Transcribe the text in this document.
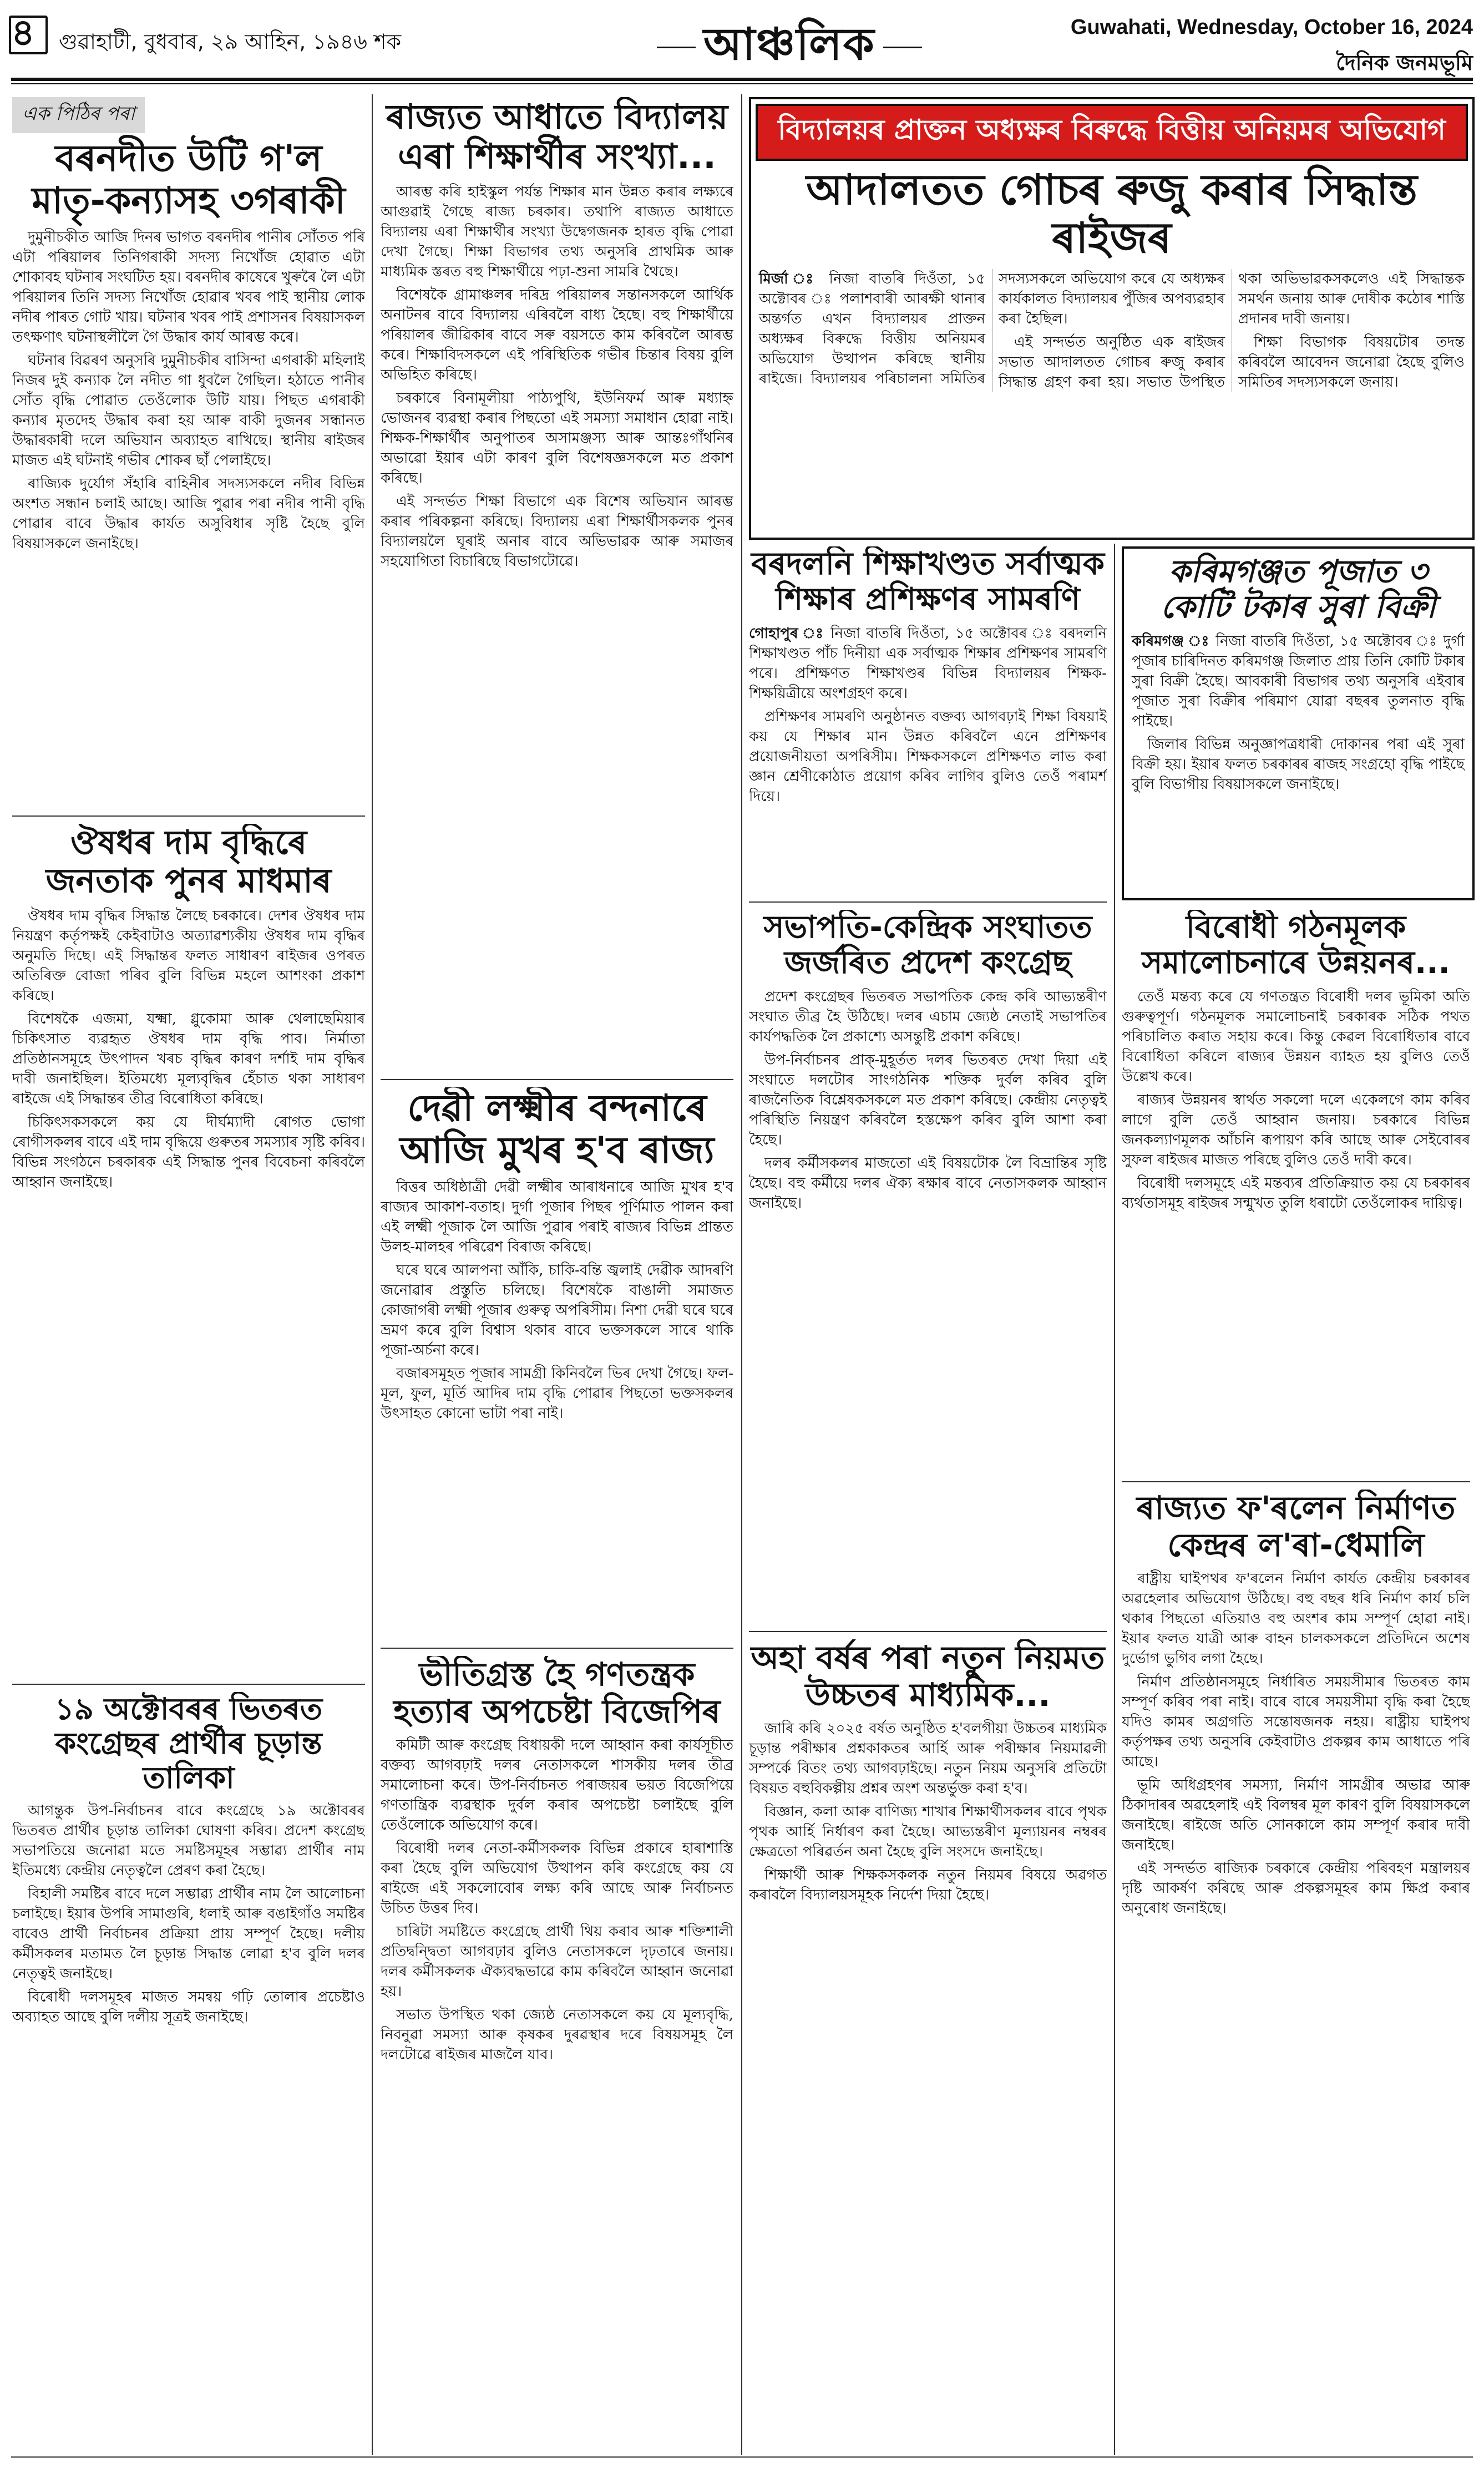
৪ গুৱাহাটী, বুধবাৰ, ২৯ আহিন, ১৯৪৬ শক	আঞ্চলিক	Guwahati, Wednesday, October 16, 2024
দৈনিক জনমভূমি
এক পিঠিৰ পৰা
বৰনদীত উটি গ'ল মাতৃ-কন্যাসহ ৩গৰাকী

দুমুনীচকীত আজি দিনৰ ভাগত বৰনদীৰ পানীৰ সোঁতত পৰি এটা পৰিয়ালৰ তিনিগৰাকী সদস্য নিখোঁজ হোৱাত এটা শোকাবহ ঘটনাৰ সংঘটিত হয়। বৰনদীৰ কাষেৰে খুৰুৰৈ লৈ এটা পৰিয়ালৰ তিনি সদস্য নিখোঁজ হোৱাৰ খবৰ পাই স্থানীয় লোক নদীৰ পাৰত গোট খায়। ঘটনাৰ খবৰ পাই প্ৰশাসনৰ বিষয়াসকল তৎক্ষণাৎ ঘটনাস্থলীলৈ গৈ উদ্ধাৰ কাৰ্য আৰম্ভ কৰে।

ঘটনাৰ বিৱৰণ অনুসৰি দুমুনীচকীৰ বাসিন্দা এগৰাকী মহিলাই নিজৰ দুই কন্যাক লৈ নদীত গা ধুবলৈ গৈছিল। হঠাতে পানীৰ সোঁত বৃদ্ধি পোৱাত তেওঁলোক উটি যায়। পিছত এগৰাকী কন্যাৰ মৃতদেহ উদ্ধাৰ কৰা হয় আৰু বাকী দুজনৰ সন্ধানত উদ্ধাৰকাৰী দলে অভিযান অব্যাহত ৰাখিছে। স্থানীয় ৰাইজৰ মাজত এই ঘটনাই গভীৰ শোকৰ ছাঁ পেলাইছে।

ৰাজ্যিক দুৰ্যোগ সঁহাৰি বাহিনীৰ সদস্যসকলে নদীৰ বিভিন্ন অংশত সন্ধান চলাই আছে। আজি পুৱাৰ পৰা নদীৰ পানী বৃদ্ধি পোৱাৰ বাবে উদ্ধাৰ কাৰ্যত অসুবিধাৰ সৃষ্টি হৈছে বুলি বিষয়াসকলে জনাইছে।

ঔষধৰ দাম বৃদ্ধিৰে জনতাক পুনৰ মাধমাৰ

ঔষধৰ দাম বৃদ্ধিৰ সিদ্ধান্ত লৈছে চৰকাৰে। দেশৰ ঔষধৰ দাম নিয়ন্ত্ৰণ কৰ্তৃপক্ষই কেইবাটাও অত্যাৱশ্যকীয় ঔষধৰ দাম বৃদ্ধিৰ অনুমতি দিছে। এই সিদ্ধান্তৰ ফলত সাধাৰণ ৰাইজৰ ওপৰত অতিৰিক্ত বোজা পৰিব বুলি বিভিন্ন মহলে আশংকা প্ৰকাশ কৰিছে।

বিশেষকৈ এজমা, যক্ষ্মা, গ্লুকোমা আৰু থেলাছেমিয়াৰ চিকিৎসাত ব্যৱহৃত ঔষধৰ দাম বৃদ্ধি পাব। নিৰ্মাতা প্ৰতিষ্ঠানসমূহে উৎপাদন খৰচ বৃদ্ধিৰ কাৰণ দৰ্শাই দাম বৃদ্ধিৰ দাবী জনাইছিল। ইতিমধ্যে মূল্যবৃদ্ধিৰ হেঁচাত থকা সাধাৰণ ৰাইজে এই সিদ্ধান্তৰ তীব্ৰ বিৰোধিতা কৰিছে।

চিকিৎসকসকলে কয় যে দীৰ্ঘম্যাদী ৰোগত ভোগা ৰোগীসকলৰ বাবে এই দাম বৃদ্ধিয়ে গুৰুতৰ সমস্যাৰ সৃষ্টি কৰিব। বিভিন্ন সংগঠনে চৰকাৰক এই সিদ্ধান্ত পুনৰ বিবেচনা কৰিবলৈ আহ্বান জনাইছে।

১৯ অক্টোবৰৰ ভিতৰত কংগ্ৰেছৰ প্ৰাৰ্থীৰ চূড়ান্ত তালিকা

আগন্তুক উপ-নিৰ্বাচনৰ বাবে কংগ্ৰেছে ১৯ অক্টোবৰৰ ভিতৰত প্ৰাৰ্থীৰ চূড়ান্ত তালিকা ঘোষণা কৰিব। প্ৰদেশ কংগ্ৰেছ সভাপতিয়ে জনোৱা মতে সমষ্টিসমূহৰ সম্ভাৱ্য প্ৰাৰ্থীৰ নাম ইতিমধ্যে কেন্দ্ৰীয় নেতৃত্বলৈ প্ৰেৰণ কৰা হৈছে।

বিহালী সমষ্টিৰ বাবে দলে সম্ভাৱ্য প্ৰাৰ্থীৰ নাম লৈ আলোচনা চলাইছে। ইয়াৰ উপৰি সামাগুৰি, ধলাই আৰু বঙাইগাঁও সমষ্টিৰ বাবেও প্ৰাৰ্থী নিৰ্বাচনৰ প্ৰক্ৰিয়া প্ৰায় সম্পূৰ্ণ হৈছে। দলীয় কৰ্মীসকলৰ মতামত লৈ চূড়ান্ত সিদ্ধান্ত লোৱা হ'ব বুলি দলৰ নেতৃত্বই জনাইছে।

বিৰোধী দলসমূহৰ মাজত সমন্বয় গঢ়ি তোলাৰ প্ৰচেষ্টাও অব্যাহত আছে বুলি দলীয় সূত্ৰই জনাইছে।

ৰাজ্যত আধাতে বিদ্যালয় এৰা শিক্ষাৰ্থীৰ সংখ্যা...

আৰম্ভ কৰি হাইস্কুল পৰ্যন্ত শিক্ষাৰ মান উন্নত কৰাৰ লক্ষ্যৰে আগুৱাই গৈছে ৰাজ্য চৰকাৰ। তথাপি ৰাজ্যত আধাতে বিদ্যালয় এৰা শিক্ষাৰ্থীৰ সংখ্যা উদ্বেগজনক হাৰত বৃদ্ধি পোৱা দেখা গৈছে। শিক্ষা বিভাগৰ তথ্য অনুসৰি প্ৰাথমিক আৰু মাধ্যমিক স্তৰত বহু শিক্ষাৰ্থীয়ে পঢ়া-শুনা সামৰি থৈছে।

বিশেষকৈ গ্ৰামাঞ্চলৰ দৰিদ্ৰ পৰিয়ালৰ সন্তানসকলে আৰ্থিক অনাটনৰ বাবে বিদ্যালয় এৰিবলৈ বাধ্য হৈছে। বহু শিক্ষাৰ্থীয়ে পৰিয়ালৰ জীৱিকাৰ বাবে সৰু বয়সতে কাম কৰিবলৈ আৰম্ভ কৰে। শিক্ষাবিদসকলে এই পৰিস্থিতিক গভীৰ চিন্তাৰ বিষয় বুলি অভিহিত কৰিছে।

চৰকাৰে বিনামূলীয়া পাঠ্যপুথি, ইউনিফৰ্ম আৰু মধ্যাহ্ন ভোজনৰ ব্যৱস্থা কৰাৰ পিছতো এই সমস্যা সমাধান হোৱা নাই। শিক্ষক-শিক্ষাৰ্থীৰ অনুপাতৰ অসামঞ্জস্য আৰু আন্তঃগাঁথনিৰ অভাৱো ইয়াৰ এটা কাৰণ বুলি বিশেষজ্ঞসকলে মত প্ৰকাশ কৰিছে।

এই সন্দৰ্ভত শিক্ষা বিভাগে এক বিশেষ অভিযান আৰম্ভ কৰাৰ পৰিকল্পনা কৰিছে। বিদ্যালয় এৰা শিক্ষাৰ্থীসকলক পুনৰ বিদ্যালয়লৈ ঘূৰাই অনাৰ বাবে অভিভাৱক আৰু সমাজৰ সহযোগিতা বিচাৰিছে বিভাগটোৱে।

দেৱী লক্ষ্মীৰ বন্দনাৰে আজি মুখৰ হ'ব ৰাজ্য

বিত্তৰ অধিষ্ঠাত্ৰী দেৱী লক্ষ্মীৰ আৰাধনাৰে আজি মুখৰ হ'ব ৰাজ্যৰ আকাশ-বতাহ। দুৰ্গা পূজাৰ পিছৰ পূৰ্ণিমাত পালন কৰা এই লক্ষ্মী পূজাক লৈ আজি পুৱাৰ পৰাই ৰাজ্যৰ বিভিন্ন প্ৰান্তত উলহ-মালহৰ পৰিৱেশ বিৰাজ কৰিছে।

ঘৰে ঘৰে আলপনা আঁকি, চাকি-বন্তি জ্বলাই দেৱীক আদৰণি জনোৱাৰ প্ৰস্তুতি চলিছে। বিশেষকৈ বাঙালী সমাজত কোজাগৰী লক্ষ্মী পূজাৰ গুৰুত্ব অপৰিসীম। নিশা দেৱী ঘৰে ঘৰে ভ্ৰমণ কৰে বুলি বিশ্বাস থকাৰ বাবে ভক্তসকলে সাৰে থাকি পূজা-অৰ্চনা কৰে।

বজাৰসমূহত পূজাৰ সামগ্ৰী কিনিবলৈ ভিৰ দেখা গৈছে। ফল-মূল, ফুল, মূৰ্তি আদিৰ দাম বৃদ্ধি পোৱাৰ পিছতো ভক্তসকলৰ উৎসাহত কোনো ভাটা পৰা নাই।

ভীতিগ্ৰস্ত হৈ গণতন্ত্ৰক হত্যাৰ অপচেষ্টা বিজেপিৰ

কমিটী আৰু কংগ্ৰেছ বিধায়কী দলে আহ্বান কৰা কাৰ্যসূচীত বক্তব্য আগবঢ়াই দলৰ নেতাসকলে শাসকীয় দলৰ তীব্ৰ সমালোচনা কৰে। উপ-নিৰ্বাচনত পৰাজয়ৰ ভয়ত বিজেপিয়ে গণতান্ত্ৰিক ব্যৱস্থাক দুৰ্বল কৰাৰ অপচেষ্টা চলাইছে বুলি তেওঁলোকে অভিযোগ কৰে।

বিৰোধী দলৰ নেতা-কৰ্মীসকলক বিভিন্ন প্ৰকাৰে হাৰাশাস্তি কৰা হৈছে বুলি অভিযোগ উত্থাপন কৰি কংগ্ৰেছে কয় যে ৰাইজে এই সকলোবোৰ লক্ষ্য কৰি আছে আৰু নিৰ্বাচনত উচিত উত্তৰ দিব।

চাৰিটা সমষ্টিতে কংগ্ৰেছে প্ৰাৰ্থী থিয় কৰাব আৰু শক্তিশালী প্ৰতিদ্বন্দ্বিতা আগবঢ়াব বুলিও নেতাসকলে দৃঢ়তাৰে জনায়। দলৰ কৰ্মীসকলক ঐক্যবদ্ধভাৱে কাম কৰিবলৈ আহ্বান জনোৱা হয়।

সভাত উপস্থিত থকা জ্যেষ্ঠ নেতাসকলে কয় যে মূল্যবৃদ্ধি, নিবনুৱা সমস্যা আৰু কৃষকৰ দুৰৱস্থাৰ দৰে বিষয়সমূহ লৈ দলটোৱে ৰাইজৰ মাজলৈ যাব।

বিদ্যালয়ৰ প্ৰাক্তন অধ্যক্ষৰ বিৰুদ্ধে বিত্তীয় অনিয়মৰ অভিযোগ
আদালতত গোচৰ ৰুজু কৰাৰ সিদ্ধান্ত ৰাইজৰ

মিৰ্জা ঃ নিজা বাতৰি দিওঁতা, ১৫ অক্টোবৰ ঃ পলাশবাৰী আৰক্ষী থানাৰ অন্তৰ্গত এখন বিদ্যালয়ৰ প্ৰাক্তন অধ্যক্ষৰ বিৰুদ্ধে বিত্তীয় অনিয়মৰ অভিযোগ উত্থাপন কৰিছে স্থানীয় ৰাইজে। বিদ্যালয়ৰ পৰিচালনা সমিতিৰ সদস্যসকলে অভিযোগ কৰে যে অধ্যক্ষৰ কাৰ্যকালত বিদ্যালয়ৰ পুঁজিৰ অপব্যৱহাৰ কৰা হৈছিল।

এই সন্দৰ্ভত অনুষ্ঠিত এক ৰাইজৰ সভাত আদালতত গোচৰ ৰুজু কৰাৰ সিদ্ধান্ত গ্ৰহণ কৰা হয়। সভাত উপস্থিত থকা অভিভাৱকসকলেও এই সিদ্ধান্তক সমৰ্থন জনায় আৰু দোষীক কঠোৰ শাস্তি প্ৰদানৰ দাবী জনায়।

শিক্ষা বিভাগক বিষয়টোৰ তদন্ত কৰিবলৈ আবেদন জনোৱা হৈছে বুলিও সমিতিৰ সদস্যসকলে জনায়।

বৰদলনি শিক্ষাখণ্ডত সৰ্বাত্মক শিক্ষাৰ প্ৰশিক্ষণৰ সামৰণি

গোহাপুৰ ঃ নিজা বাতৰি দিওঁতা, ১৫ অক্টোবৰ ঃ বৰদলনি শিক্ষাখণ্ডত পাঁচ দিনীয়া এক সৰ্বাত্মক শিক্ষাৰ প্ৰশিক্ষণৰ সামৰণি পৰে। প্ৰশিক্ষণত শিক্ষাখণ্ডৰ বিভিন্ন বিদ্যালয়ৰ শিক্ষক-শিক্ষয়িত্ৰীয়ে অংশগ্ৰহণ কৰে।

প্ৰশিক্ষণৰ সামৰণি অনুষ্ঠানত বক্তব্য আগবঢ়াই শিক্ষা বিষয়াই কয় যে শিক্ষাৰ মান উন্নত কৰিবলৈ এনে প্ৰশিক্ষণৰ প্ৰয়োজনীয়তা অপৰিসীম। শিক্ষকসকলে প্ৰশিক্ষণত লাভ কৰা জ্ঞান শ্ৰেণীকোঠাত প্ৰয়োগ কৰিব লাগিব বুলিও তেওঁ পৰামৰ্শ দিয়ে।

সভাপতি-কেন্দ্ৰিক সংঘাতত জৰ্জৰিত প্ৰদেশ কংগ্ৰেছ

প্ৰদেশ কংগ্ৰেছৰ ভিতৰত সভাপতিক কেন্দ্ৰ কৰি আভ্যন্তৰীণ সংঘাত তীব্ৰ হৈ উঠিছে। দলৰ এচাম জ্যেষ্ঠ নেতাই সভাপতিৰ কাৰ্যপদ্ধতিক লৈ প্ৰকাশ্যে অসন্তুষ্টি প্ৰকাশ কৰিছে।

উপ-নিৰ্বাচনৰ প্ৰাক্-মুহূৰ্তত দলৰ ভিতৰত দেখা দিয়া এই সংঘাতে দলটোৰ সাংগঠনিক শক্তিক দুৰ্বল কৰিব বুলি ৰাজনৈতিক বিশ্লেষকসকলে মত প্ৰকাশ কৰিছে। কেন্দ্ৰীয় নেতৃত্বই পৰিস্থিতি নিয়ন্ত্ৰণ কৰিবলৈ হস্তক্ষেপ কৰিব বুলি আশা কৰা হৈছে।

দলৰ কৰ্মীসকলৰ মাজতো এই বিষয়টোক লৈ বিভ্ৰান্তিৰ সৃষ্টি হৈছে। বহু কৰ্মীয়ে দলৰ ঐক্য ৰক্ষাৰ বাবে নেতাসকলক আহ্বান জনাইছে।

অহা বৰ্ষৰ পৰা নতুন নিয়মত উচ্চতৰ মাধ্যমিক...

জাৰি কৰি ২০২৫ বৰ্ষত অনুষ্ঠিত হ'বলগীয়া উচ্চতৰ মাধ্যমিক চূড়ান্ত পৰীক্ষাৰ প্ৰশ্নকাকতৰ আৰ্হি আৰু পৰীক্ষাৰ নিয়মাৱলী সম্পৰ্কে বিতং তথ্য আগবঢ়াইছে। নতুন নিয়ম অনুসৰি প্ৰতিটো বিষয়ত বহুবিকল্পীয় প্ৰশ্নৰ অংশ অন্তৰ্ভুক্ত কৰা হ'ব।

বিজ্ঞান, কলা আৰু বাণিজ্য শাখাৰ শিক্ষাৰ্থীসকলৰ বাবে পৃথক পৃথক আৰ্হি নিৰ্ধাৰণ কৰা হৈছে। আভ্যন্তৰীণ মূল্যায়নৰ নম্বৰৰ ক্ষেত্ৰতো পৰিৱৰ্তন অনা হৈছে বুলি সংসদে জনাইছে।

শিক্ষাৰ্থী আৰু শিক্ষকসকলক নতুন নিয়মৰ বিষয়ে অৱগত কৰাবলৈ বিদ্যালয়সমূহক নিৰ্দেশ দিয়া হৈছে।

কৰিমগঞ্জত পূজাত ৩ কোটি টকাৰ সুৰা বিক্ৰী

কৰিমগঞ্জ ঃ নিজা বাতৰি দিওঁতা, ১৫ অক্টোবৰ ঃ দুৰ্গা পূজাৰ চাৰিদিনত কৰিমগঞ্জ জিলাত প্ৰায় তিনি কোটি টকাৰ সুৰা বিক্ৰী হৈছে। আবকাৰী বিভাগৰ তথ্য অনুসৰি এইবাৰ পূজাত সুৰা বিক্ৰীৰ পৰিমাণ যোৱা বছৰৰ তুলনাত বৃদ্ধি পাইছে।

জিলাৰ বিভিন্ন অনুজ্ঞাপত্ৰধাৰী দোকানৰ পৰা এই সুৰা বিক্ৰী হয়। ইয়াৰ ফলত চৰকাৰৰ ৰাজহ সংগ্ৰহো বৃদ্ধি পাইছে বুলি বিভাগীয় বিষয়াসকলে জনাইছে।

বিৰোধী গঠনমূলক সমালোচনাৰে উন্নয়নৰ...

তেওঁ মন্তব্য কৰে যে গণতন্ত্ৰত বিৰোধী দলৰ ভূমিকা অতি গুৰুত্বপূৰ্ণ। গঠনমূলক সমালোচনাই চৰকাৰক সঠিক পথত পৰিচালিত কৰাত সহায় কৰে। কিন্তু কেৱল বিৰোধিতাৰ বাবে বিৰোধিতা কৰিলে ৰাজ্যৰ উন্নয়ন ব্যাহত হয় বুলিও তেওঁ উল্লেখ কৰে।

ৰাজ্যৰ উন্নয়নৰ স্বাৰ্থত সকলো দলে একেলগে কাম কৰিব লাগে বুলি তেওঁ আহ্বান জনায়। চৰকাৰে বিভিন্ন জনকল্যাণমূলক আঁচনি ৰূপায়ণ কৰি আছে আৰু সেইবোৰৰ সুফল ৰাইজৰ মাজত পৰিছে বুলিও তেওঁ দাবী কৰে।

বিৰোধী দলসমূহে এই মন্তব্যৰ প্ৰতিক্ৰিয়াত কয় যে চৰকাৰৰ ব্যৰ্থতাসমূহ ৰাইজৰ সন্মুখত তুলি ধৰাটো তেওঁলোকৰ দায়িত্ব।

ৰাজ্যত ফ'ৰলেন নিৰ্মাণত কেন্দ্ৰৰ ল'ৰা-ধেমালি

ৰাষ্ট্ৰীয় ঘাইপথৰ ফ'ৰলেন নিৰ্মাণ কাৰ্যত কেন্দ্ৰীয় চৰকাৰৰ অৱহেলাৰ অভিযোগ উঠিছে। বহু বছৰ ধৰি নিৰ্মাণ কাৰ্য চলি থকাৰ পিছতো এতিয়াও বহু অংশৰ কাম সম্পূৰ্ণ হোৱা নাই। ইয়াৰ ফলত যাত্ৰী আৰু বাহন চালকসকলে প্ৰতিদিনে অশেষ দুৰ্ভোগ ভুগিব লগা হৈছে।

নিৰ্মাণ প্ৰতিষ্ঠানসমূহে নিৰ্ধাৰিত সময়সীমাৰ ভিতৰত কাম সম্পূৰ্ণ কৰিব পৰা নাই। বাৰে বাৰে সময়সীমা বৃদ্ধি কৰা হৈছে যদিও কামৰ অগ্ৰগতি সন্তোষজনক নহয়। ৰাষ্ট্ৰীয় ঘাইপথ কৰ্তৃপক্ষৰ তথ্য অনুসৰি কেইবাটাও প্ৰকল্পৰ কাম আধাতে পৰি আছে।

ভূমি অধিগ্ৰহণৰ সমস্যা, নিৰ্মাণ সামগ্ৰীৰ অভাৱ আৰু ঠিকাদাৰৰ অৱহেলাই এই বিলম্বৰ মূল কাৰণ বুলি বিষয়াসকলে জনাইছে। ৰাইজে অতি সোনকালে কাম সম্পূৰ্ণ কৰাৰ দাবী জনাইছে।

এই সন্দৰ্ভত ৰাজ্যিক চৰকাৰে কেন্দ্ৰীয় পৰিবহণ মন্ত্ৰালয়ৰ দৃষ্টি আকৰ্ষণ কৰিছে আৰু প্ৰকল্পসমূহৰ কাম ক্ষিপ্ৰ কৰাৰ অনুৰোধ জনাইছে।
